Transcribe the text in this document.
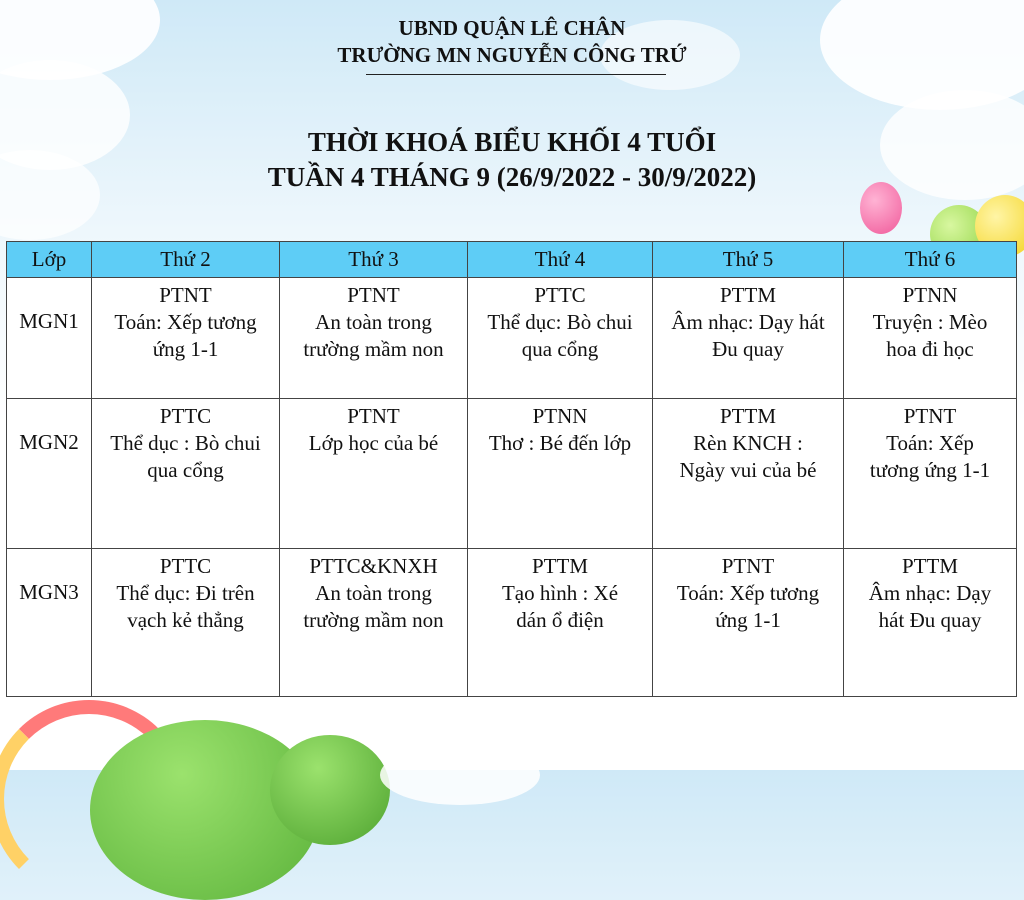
UBND QUẬN LÊ CHÂN
TRƯỜNG MN NGUYỄN CÔNG TRỨ
THỜI KHOÁ BIỂU KHỐI 4 TUỔI
TUẦN 4 THÁNG 9 (26/9/2022 - 30/9/2022)
Lớp	Thứ 2	Thứ 3	Thứ 4	Thứ 5	Thứ 6
MGN1	PTNT
Toán: Xếp tương
ứng 1-1	PTNT
An toàn trong
trường mầm non	PTTC
Thể dục: Bò chui
qua cổng	PTTM
Âm nhạc: Dạy hát
Đu quay	PTNN
Truyện : Mèo
hoa đi học

MGN2	PTTC
Thể dục : Bò chui
qua cổng	PTNT
Lớp học của bé	PTNN
Thơ : Bé đến lớp	PTTM
Rèn KNCH :
Ngày vui của bé	PTNT
Toán: Xếp
tương ứng 1-1

MGN3	PTTC
Thể dục: Đi trên
vạch kẻ thẳng	PTTC&KNXH
An toàn trong
trường mầm non	PTTM
Tạo hình : Xé
dán ổ điện	PTNT
Toán: Xếp tương
ứng 1-1	PTTM
Âm nhạc: Dạy
hát Đu quay
